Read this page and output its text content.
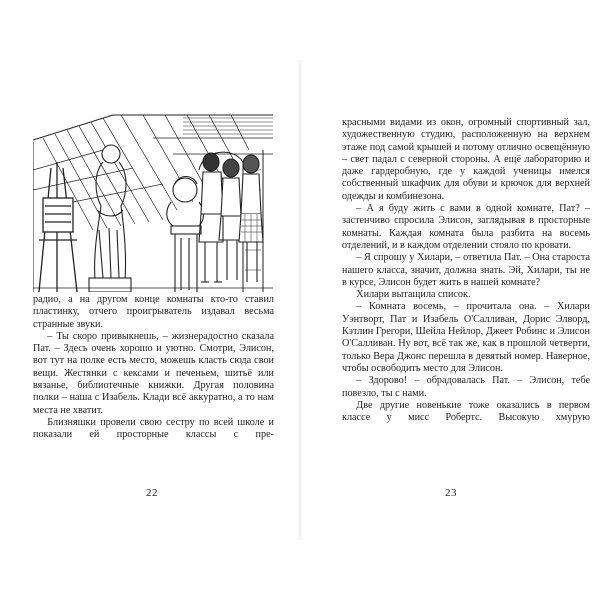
радио, а на другом конце комнаты кто-то ставил пластинку, отчего проигрыватель издавал весьма странные звуки.

– Ты скоро привыкнешь, – жизнерадостно сказала Пат. – Здесь очень хорошо и уютно. Смотри, Элисон, вот тут на полке есть место, можешь класть сюда свои вещи. Жестянки с кексами и печеньем, шитьё или вязанье, библиотечные книжки. Другая половина полки – наша с Изабель. Клади всё аккуратно, а то нам места не хватит.

Близняшки провели свою сестру по всей школе и показали ей просторные классы с пре-

22

красными видами из окон, огромный спортивный зал, художественную студию, расположенную на верхнем этаже под самой крышей и потому отлично освещённую – свет падал с северной стороны. А ещё лабораторию и даже гардеробную, где у каждой ученицы имелся собственный шкафчик для обуви и крючок для верхней одежды и комбинезона.

– А я буду жить с вами в одной комнате, Пат? – застенчиво спросила Элисон, заглядывая в просторные комнаты. Каждая комната была разбита на восемь отделений, и в каждом отделении стояло по кровати.

– Я спрошу у Хилари, – ответила Пат. – Она староста нашего класса, значит, должна знать. Эй, Хилари, ты не в курсе, Элисон будет жить в нашей комнате?

Хилари вытащила список.

– Комната восемь, – прочитала она. – Хилари Уэнтворт, Пат и Изабель О'Салливан, Дорис Элворд, Кэтлин Грегори, Шейла Нейлор, Джеет Робинс и Элисон О'Салливан. Ну вот, всё так же, как в прошлой четверти, только Вера Джонс перешла в девятый номер. Наверное, чтобы освободить место для Элисон.

– Здорово! – обрадовалась Пат. – Элисон, тебе повезло, ты с нами.

Две другие новенькие тоже оказались в первом классе у мисс Робертс. Высокую хмурую

23
